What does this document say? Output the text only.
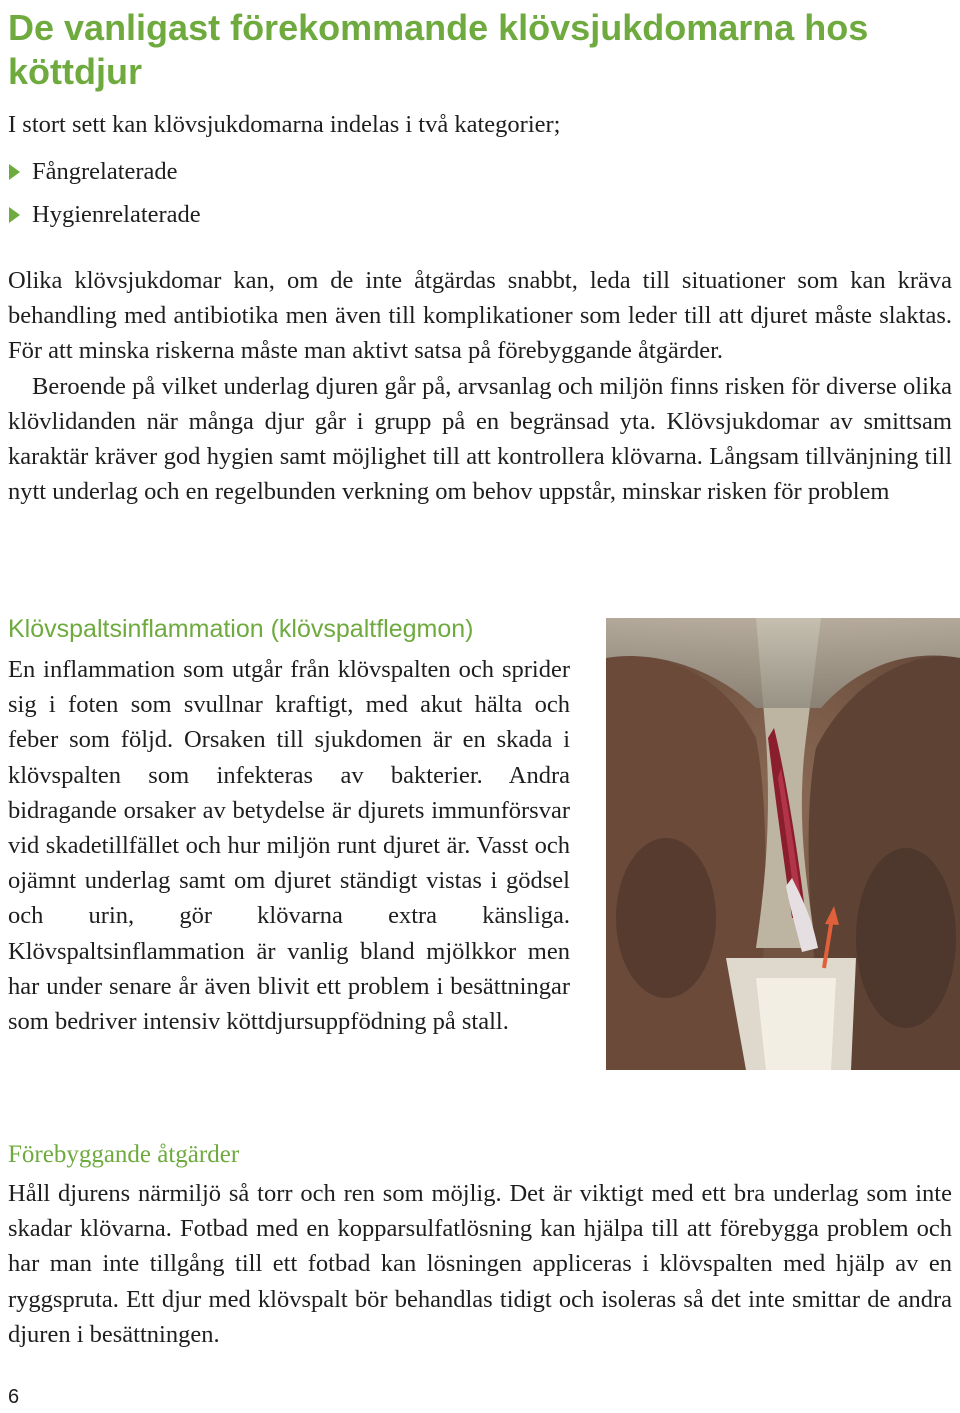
De vanligast förekommande klövsjukdomarna hos köttdjur

I stort sett kan klövsjukdomarna indelas i två kategorier;

Fångrelaterade
Hygienrelaterade

Olika klövsjukdomar kan, om de inte åtgärdas snabbt, leda till situationer som kan kräva behandling med antibiotika men även till komplikationer som leder till att djuret måste slaktas. För att minska riskerna måste man aktivt satsa på förebyggande åtgärder.

Beroende på vilket underlag djuren går på, arvsanlag och miljön finns risken för diverse olika klövlidanden när många djur går i grupp på en begränsad yta. Klövsjukdomar av smittsam karaktär kräver god hygien samt möjlighet till att kontrollera klövarna. Långsam tillvänjning till nytt underlag och en regelbunden verkning om behov uppstår, minskar risken för problem

Klövspaltsinflammation (klövspaltflegmon)

En inflammation som utgår från klövspalten och sprider sig i foten som svullnar kraftigt, med akut hälta och feber som följd. Orsaken till sjukdomen är en skada i klövspalten som infekteras av bakterier. Andra bidragande orsaker av betydelse är djurets immunförsvar vid skadetillfället och hur miljön runt djuret är. Vasst och ojämnt underlag samt om djuret ständigt vistas i gödsel och urin, gör klövarna extra känsliga. Klövspaltsinflammation är vanlig bland mjölkkor men har under senare år även blivit ett problem i besättningar som bedriver intensiv köttdjursuppfödning på stall.

Förebyggande åtgärder

Håll djurens närmiljö så torr och ren som möjlig. Det är viktigt med ett bra underlag som inte skadar klövarna. Fotbad med en kopparsulfatlösning kan hjälpa till att förebygga problem och har man inte tillgång till ett fotbad kan lösningen appliceras i klövspalten med hjälp av en ryggspruta. Ett djur med klövspalt bör behandlas tidigt och isoleras så det inte smittar de andra djuren i besättningen.

6
